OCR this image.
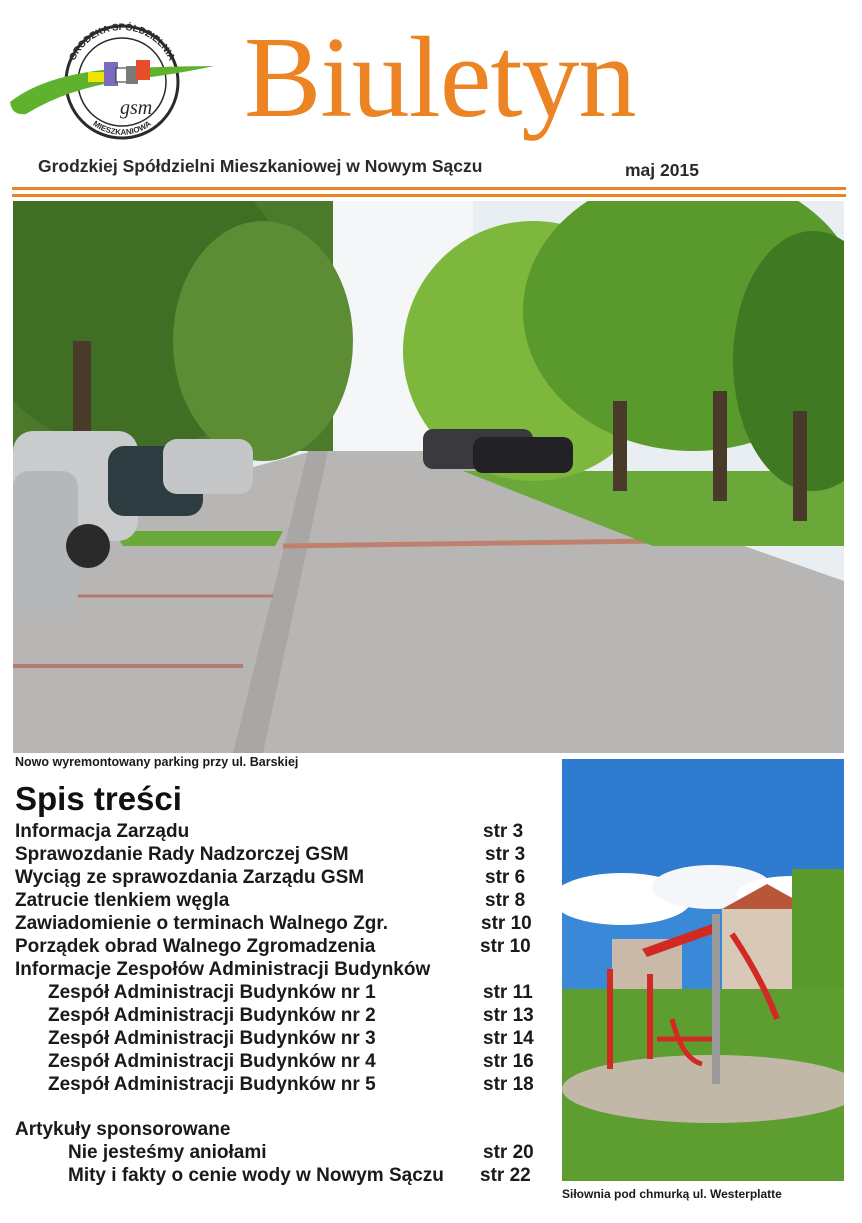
GRODZKA SPÓŁDZIELNIA
MIESZKANIOWA
gsm Biuletyn
Grodzkiej Spółdzielni Mieszkaniowej w Nowym Sączu	maj 2015
Nowo wyremontowany parking przy ul. Barskiej
Siłownia pod chmurką ul. Westerplatte
Spis treści
Informacja Zarządu	str 3
Sprawozdanie Rady Nadzorczej GSM	str 3
Wyciąg ze sprawozdania Zarządu GSM	str 6
Zatrucie tlenkiem węgla	str 8
Zawiadomienie o terminach Walnego Zgr.	str 10
Porządek obrad Walnego Zgromadzenia	str 10
Informacje Zespołów Administracji Budynków
Zespół Administracji Budynków nr 1	str 11
Zespół Administracji Budynków nr 2	str 13
Zespół Administracji Budynków nr 3	str 14
Zespół Administracji Budynków nr 4	str 16
Zespół Administracji Budynków nr 5	str 18
Artykuły sponsorowane
Nie jesteśmy aniołami	str 20
Mity i fakty o cenie wody w Nowym Sączu str 22
